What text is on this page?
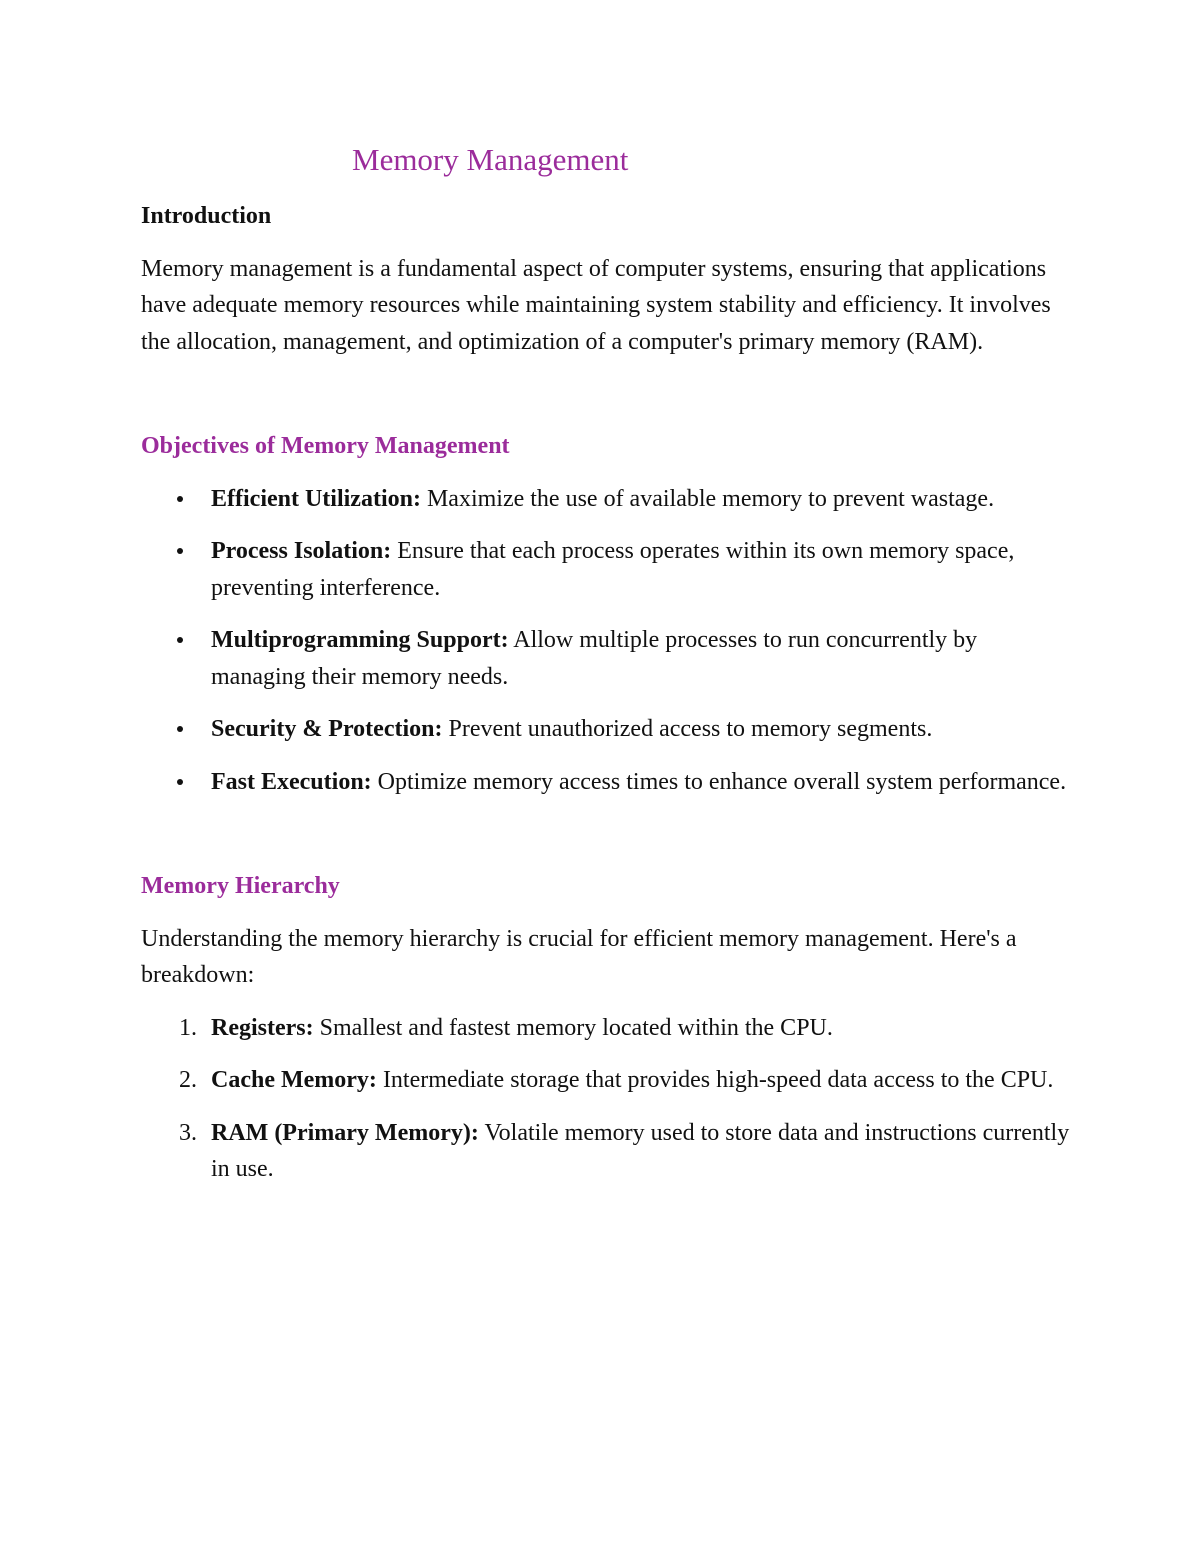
Memory Management
Introduction

Memory management is a fundamental aspect of computer systems, ensuring that applications have adequate memory resources while maintaining system stability and efficiency. It involves the allocation, management, and optimization of a computer's primary memory (RAM).

Objectives of Memory Management
Efficient Utilization: Maximize the use of available memory to prevent wastage.
Process Isolation: Ensure that each process operates within its own memory space, preventing interference.
Multiprogramming Support: Allow multiple processes to run concurrently by managing their memory needs.
Security & Protection: Prevent unauthorized access to memory segments.
Fast Execution: Optimize memory access times to enhance overall system performance.
Memory Hierarchy

Understanding the memory hierarchy is crucial for efficient memory management. Here's a breakdown:

1. Registers: Smallest and fastest memory located within the CPU.
2. Cache Memory: Intermediate storage that provides high-speed data access to the CPU.
3. RAM (Primary Memory): Volatile memory used to store data and instructions currently in use.
